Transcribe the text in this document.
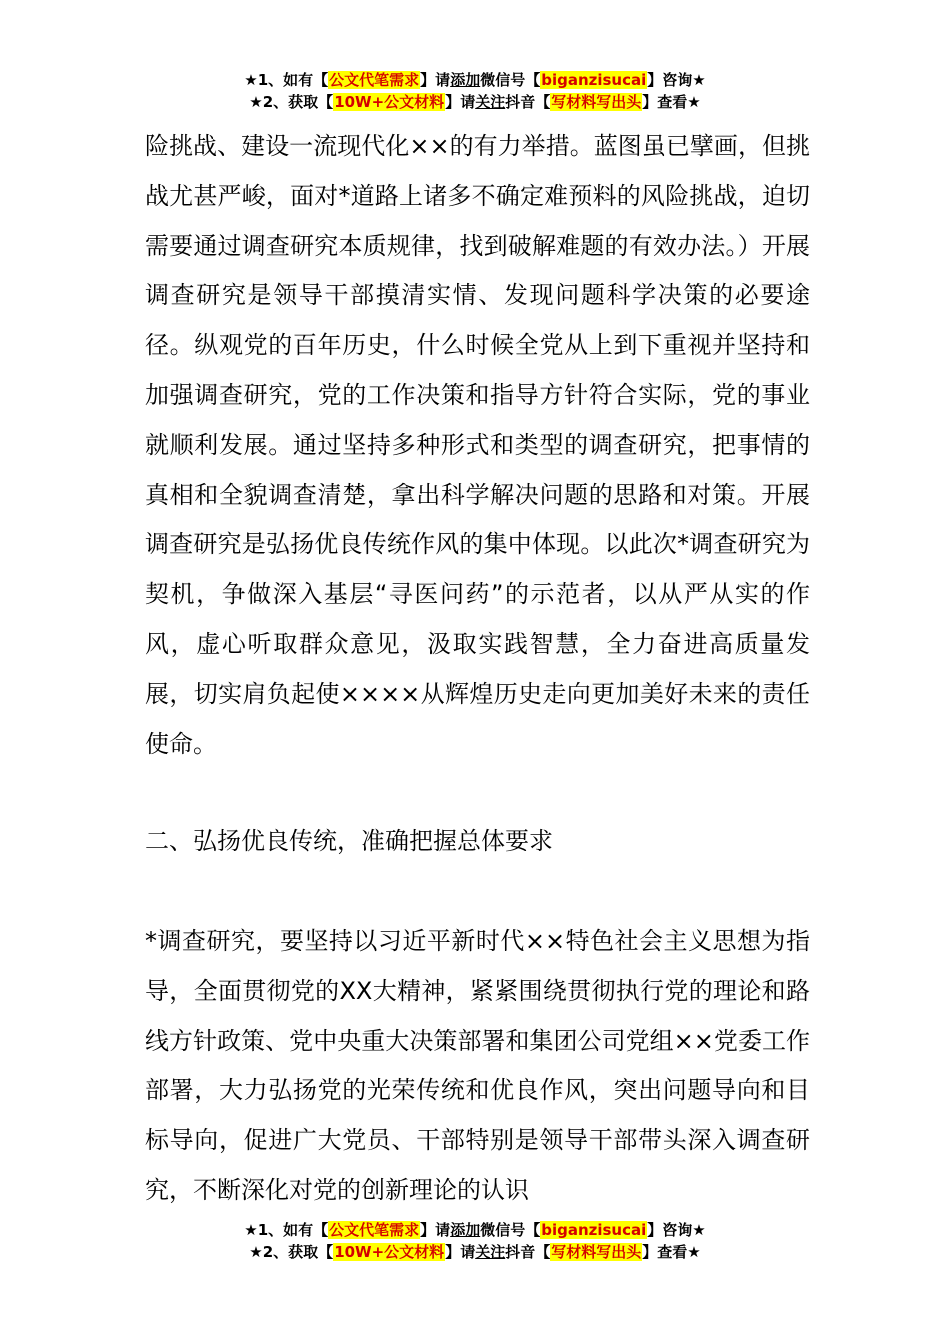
★1、如有【公文代笔需求】请添加微信号【biganzisucai】咨询★
★2、获取【10W+公文材料】请关注抖音【写材料写出头】查看★

险挑战、建设一流现代化××的有力举措。蓝图虽已擘画，但挑战尤甚严峻，面对*道路上诸多不确定难预料的风险挑战，迫切需要通过调查研究本质规律，找到破解难题的有效办法。）开展调查研究是领导干部摸清实情、发现问题科学决策的必要途径。纵观党的百年历史，什么时候全党从上到下重视并坚持和加强调查研究，党的工作决策和指导方针符合实际，党的事业就顺利发展。通过坚持多种形式和类型的调查研究，把事情的真相和全貌调查清楚，拿出科学解决问题的思路和对策。开展调查研究是弘扬优良传统作风的集中体现。以此次*调查研究为契机，争做深入基层“寻医问药”的示范者，以从严从实的作风，虚心听取群众意见，汲取实践智慧，全力奋进高质量发展，切实肩负起使××××从辉煌历史走向更加美好未来的责任使命。

二、弘扬优良传统，准确把握总体要求

*调查研究，要坚持以习近平新时代××特色社会主义思想为指导，全面贯彻党的XX大精神，紧紧围绕贯彻执行党的理论和路线方针政策、党中央重大决策部署和集团公司党组××党委工作部署，大力弘扬党的光荣传统和优良作风，突出问题导向和目标导向，促进广大党员、干部特别是领导干部带头深入调查研究，不断深化对党的创新理论的认识

★1、如有【公文代笔需求】请添加微信号【biganzisucai】咨询★
★2、获取【10W+公文材料】请关注抖音【写材料写出头】查看★
